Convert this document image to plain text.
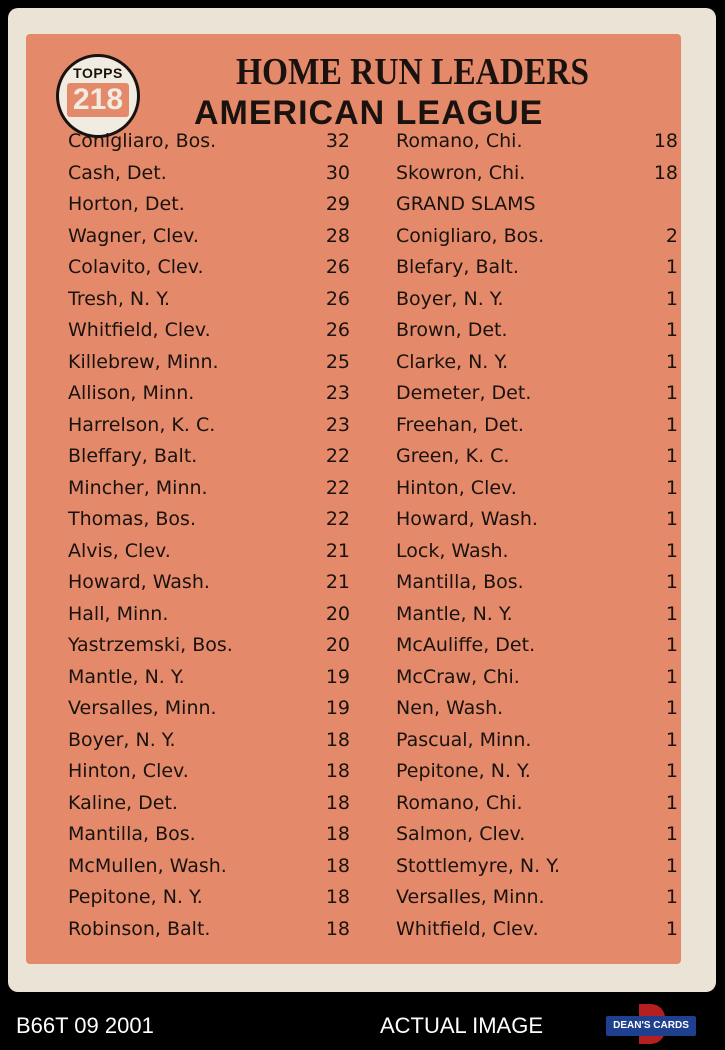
TOPPS
218
HOME RUN LEADERS
AMERICAN LEAGUE
Conigliaro, Bos.	32
Cash, Det.	30
Horton, Det.	29
Wagner, Clev.	28
Colavito, Clev.	26
Tresh, N. Y.	26
Whitfield, Clev.	26
Killebrew, Minn.	25
Allison, Minn.	23
Harrelson, K. C.	23
Bleffary, Balt.	22
Mincher, Minn.	22
Thomas, Bos.	22
Alvis, Clev.	21
Howard, Wash.	21
Hall, Minn.	20
Yastrzemski, Bos.	20
Mantle, N. Y.	19
Versalles, Minn.	19
Boyer, N. Y.	18
Hinton, Clev.	18
Kaline, Det.	18
Mantilla, Bos.	18
McMullen, Wash.	18
Pepitone, N. Y.	18
Robinson, Balt.	18
Romano, Chi.	18
Skowron, Chi.	18
GRAND SLAMS
Conigliaro, Bos.	2
Blefary, Balt.	1
Boyer, N. Y.	1
Brown, Det.	1
Clarke, N. Y.	1
Demeter, Det.	1
Freehan, Det.	1
Green, K. C.	1
Hinton, Clev.	1
Howard, Wash.	1
Lock, Wash.	1
Mantilla, Bos.	1
Mantle, N. Y.	1
McAuliffe, Det.	1
McCraw, Chi.	1
Nen, Wash.	1
Pascual, Minn.	1
Pepitone, N. Y.	1
Romano, Chi.	1
Salmon, Clev.	1
Stottlemyre, N. Y.	1
Versalles, Minn.	1
Whitfield, Clev.	1
B66T 09 2001	ACTUAL IMAGE	DEAN'S CARDS
